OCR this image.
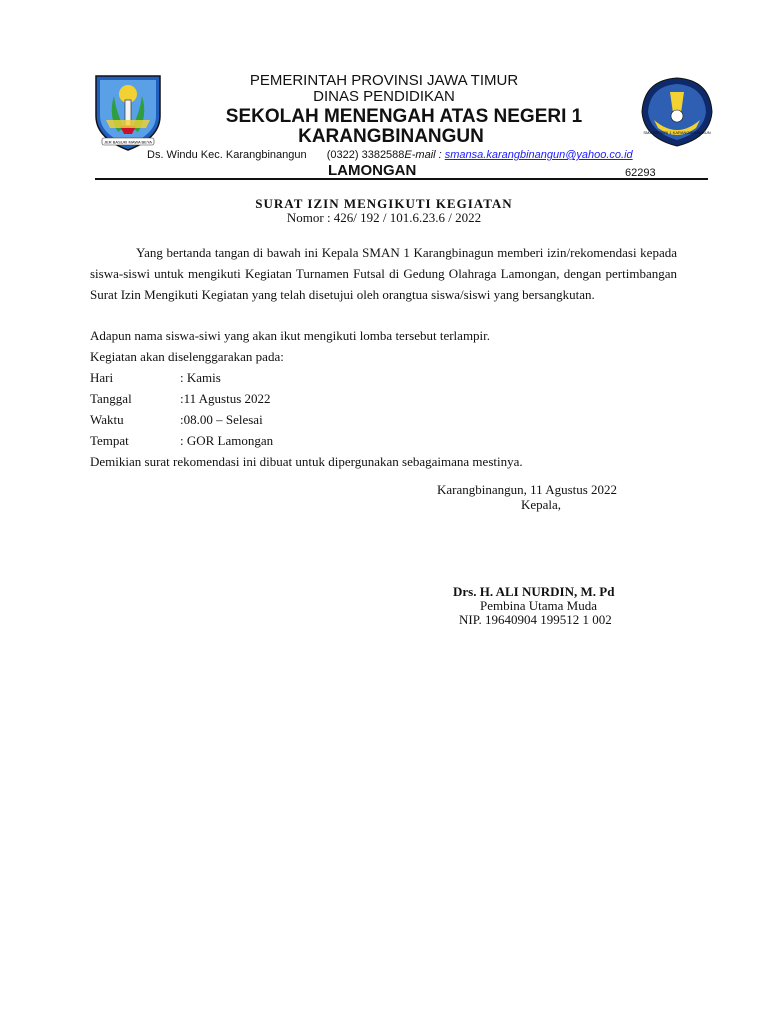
JER BASUKI MAWA BEYA
SMA NEGERI 1 KARANGBINANGUN
PEMERINTAH PROVINSI JAWA TIMUR
DINAS PENDIDIKAN
SEKOLAH MENENGAH ATAS NEGERI 1
KARANGBINANGUN
Ds. Windu Kec. Karangbinangun (0322) 3382588E-mail : smansa.karangbinangun@yahoo.co.id
LAMONGAN	62293
SURAT IZIN MENGIKUTI KEGIATAN
Nomor : 426/ 192 / 101.6.23.6 / 2022
Yang bertanda tangan di bawah ini Kepala SMAN 1 Karangbinagun memberi izin/rekomendasi kepada siswa-siswi untuk mengikuti Kegiatan Turnamen Futsal di Gedung Olahraga Lamongan, dengan pertimbangan Surat Izin Mengikuti Kegiatan yang telah disetujui oleh orangtua siswa/siswi yang bersangkutan.
Adapun nama siswa-siwi yang akan ikut mengikuti lomba tersebut terlampir.
Kegiatan akan diselenggarakan pada:
Hari	: Kamis
Tanggal	:11 Agustus 2022
Waktu	:08.00 – Selesai
Tempat	: GOR Lamongan
Demikian surat rekomendasi ini dibuat untuk dipergunakan sebagaimana mestinya.
Karangbinangun, 11 Agustus 2022
Kepala,
Drs. H. ALI NURDIN, M. Pd
Pembina Utama Muda
NIP. 19640904 199512 1 002
